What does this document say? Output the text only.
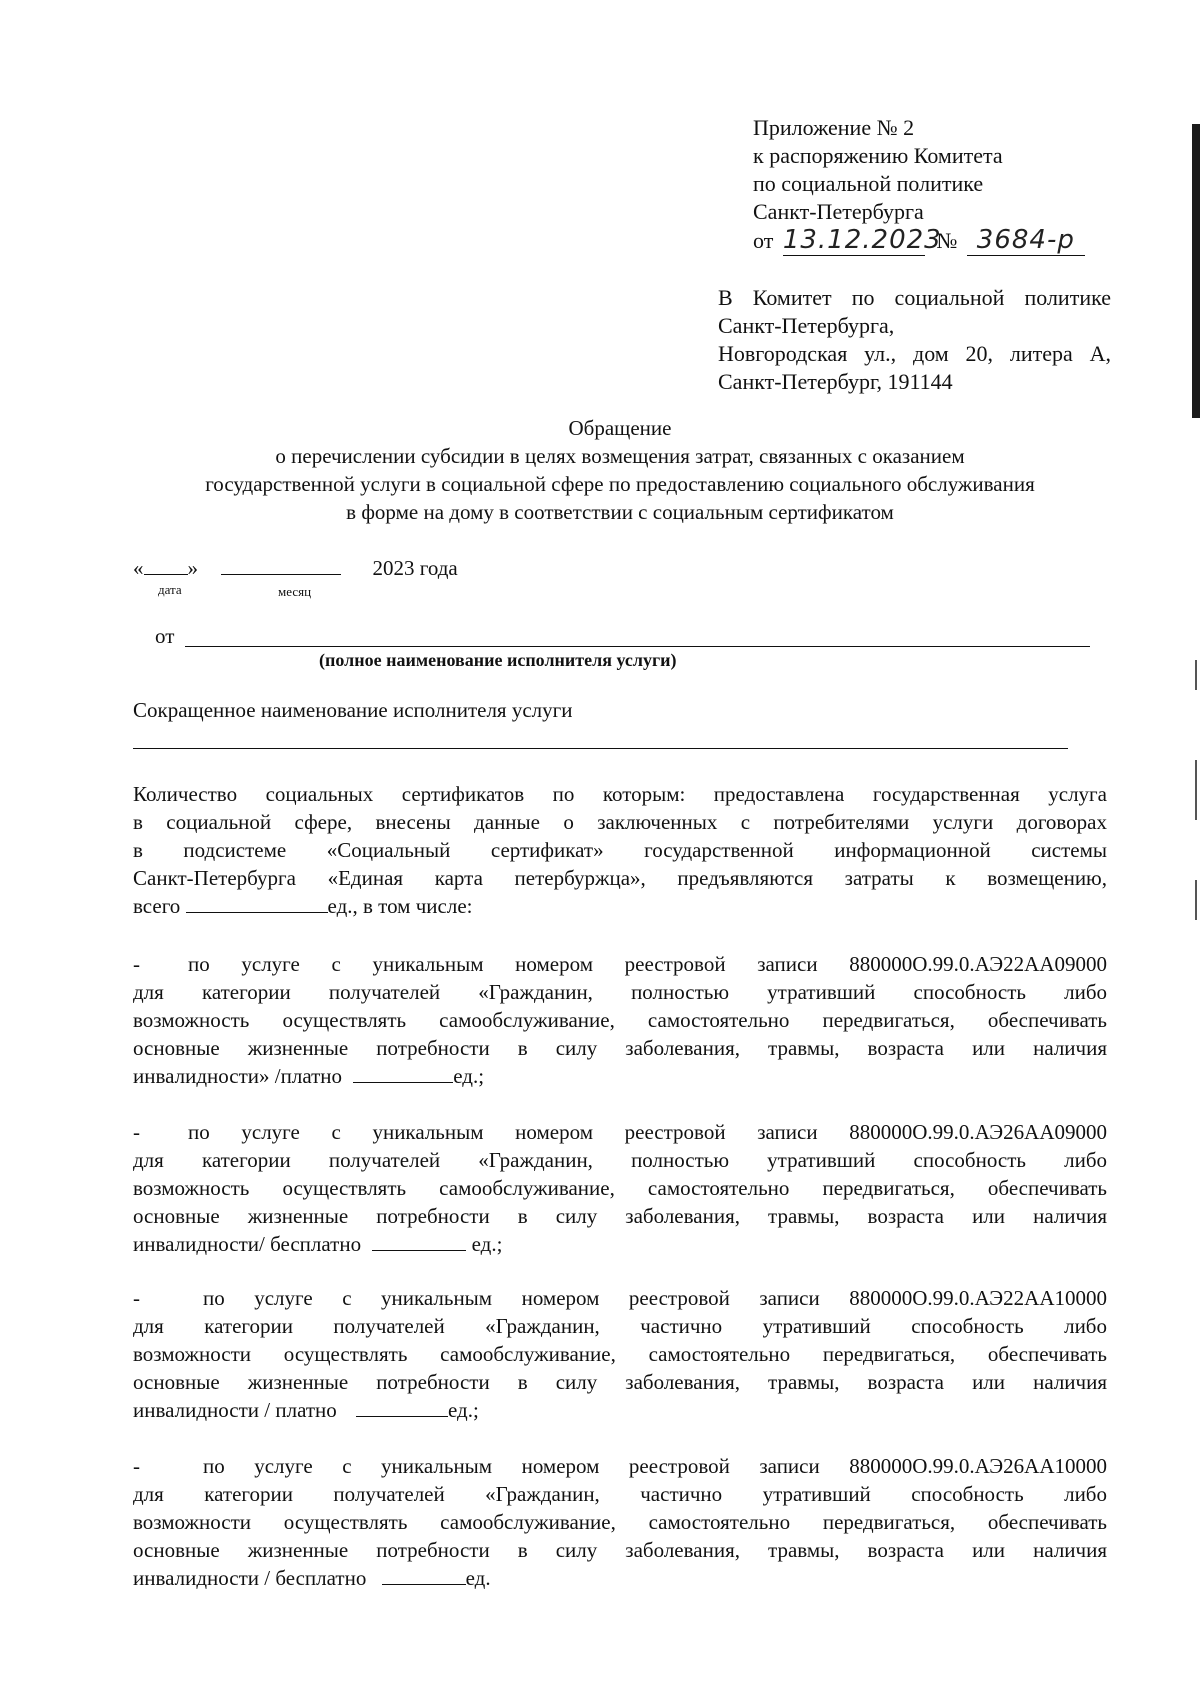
Приложение № 2
к распоряжению Комитета
по социальной политике
Санкт-Петербурга
от 13.12.2023 № 3684-р
В Комитет по социальной политике
Санкт-Петербурга,
Новгородская ул., дом 20, литера А,
Санкт-Петербург, 191144
Обращение
о перечислении субсидии в целях возмещения затрат, связанных с оказанием
государственной услуги в социальной сфере по предоставлению социального обслуживания
в форме на дому в соответствии с социальным сертификатом
« »	2023 года
дата	месяц
от
(полное наименование исполнителя услуги)
Сокращенное наименование исполнителя услуги
Количество социальных сертификатов по которым: предоставлена государственная услуга
в социальной сфере, внесены данные о заключенных с потребителями услуги договорах
в подсистеме «Социальный сертификат» государственной информационной системы
Санкт-Петербурга «Единая карта петербуржца», предъявляются затраты к возмещению,
всего	ед., в том числе:
- по услуге с уникальным номером реестровой записи 880000О.99.0.АЭ22АА09000
для категории получателей «Гражданин, полностью утративший способность либо
возможность осуществлять самообслуживание, самостоятельно передвигаться, обеспечивать
основные жизненные потребности в силу заболевания, травмы, возраста или наличия
инвалидности» /платно	ед.;
- по услуге с уникальным номером реестровой записи 880000О.99.0.АЭ26АА09000
для категории получателей «Гражданин, полностью утративший способность либо
возможность осуществлять самообслуживание, самостоятельно передвигаться, обеспечивать
основные жизненные потребности в силу заболевания, травмы, возраста или наличия
инвалидности/ бесплатно	ед.;
-	по услуге с уникальным номером реестровой записи 880000О.99.0.АЭ22АА10000
для категории получателей «Гражданин, частично утративший способность либо
возможности осуществлять самообслуживание, самостоятельно передвигаться, обеспечивать
основные жизненные потребности в силу заболевания, травмы, возраста или наличия
инвалидности / платно	ед.;
-	по услуге с уникальным номером реестровой записи 880000О.99.0.АЭ26АА10000
для категории получателей «Гражданин, частично утративший способность либо
возможности осуществлять самообслуживание, самостоятельно передвигаться, обеспечивать
основные жизненные потребности в силу заболевания, травмы, возраста или наличия
инвалидности / бесплатно	ед.
